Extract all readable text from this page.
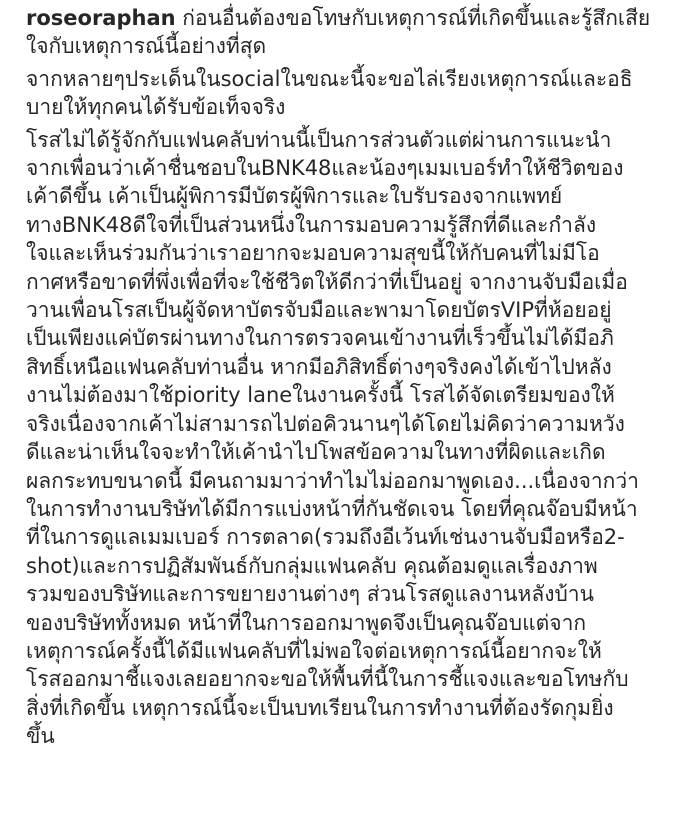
roseoraphan ก่อนอื่นต้องขอโทษกับเหตุการณ์ที่เกิดขึ้นและรู้สึกเสีย
ใจกับเหตุการณ์นี้อย่างที่สุด
จากหลายๆประเด็นในsocialในขณะนี้จะขอไล่เรียงเหตุการณ์และอธิ
บายให้ทุกคนได้รับข้อเท็จจริง
โรสไม่ได้รู้จักกับแฟนคลับท่านนี้เป็นการส่วนตัวแต่ผ่านการแนะนำ
จากเพื่อนว่าเค้าชื่นชอบในBNK48และน้องๆเมมเบอร์ทำให้ชีวิตของ
เค้าดีขึ้น เค้าเป็นผู้พิการมีบัตรผู้พิการและใบรับรองจากแพทย์
ทางBNK48ดีใจที่เป็นส่วนหนึ่งในการมอบความรู้สึกที่ดีและกำลัง
ใจและเห็นร่วมกันว่าเราอยากจะมอบความสุขนี้ให้กับคนที่ไม่มีโอ
กาศหรือขาดที่พึ่งเพื่อที่จะใช้ชีวิตให้ดีกว่าที่เป็นอยู่ จากงานจับมือเมื่อ
วานเพื่อนโรสเป็นผู้จัดหาบัตรจับมือและพามาโดยบัตรVIPที่ห้อยอยู่
เป็นเพียงแค่บัตรผ่านทางในการตรวจคนเข้างานที่เร็วขึ้นไม่ได้มีอภิ
สิทธิ์เหนือแฟนคลับท่านอื่น หากมีอภิสิทธิ์ต่างๆจริงคงได้เข้าไปหลัง
งานไม่ต้องมาใช้piority laneในงานครั้งนี้ โรสได้จัดเตรียมของให้
จริงเนื่องจากเค้าไม่สามารถไปต่อคิวนานๆได้โดยไม่คิดว่าความหวัง
ดีและน่าเห็นใจจะทำให้เค้านำไปโพสข้อความในทางที่ผิดและเกิด
ผลกระทบขนาดนี้ มีคนถามมาว่าทำไมไม่ออกมาพูดเอง...เนื่องจากว่า
ในการทำงานบริษัทได้มีการแบ่งหน้าที่กันชัดเจน โดยที่คุณจ๊อบมีหน้า
ที่ในการดูแลเมมเบอร์ การตลาด(รวมถึงอีเว้นท์เช่นงานจับมือหรือ2-
shot)และการปฏิสัมพันธ์กับกลุ่มแฟนคลับ คุณต้อมดูแลเรื่องภาพ
รวมของบริษัทและการขยายงานต่างๆ ส่วนโรสดูแลงานหลังบ้าน
ของบริษัททั้งหมด หน้าที่ในการออกมาพูดจึงเป็นคุณจ๊อบแต่จาก
เหตุการณ์ครั้งนี้ได้มีแฟนคลับที่ไม่พอใจต่อเหตุการณ์นี้อยากจะให้
โรสออกมาชี้แจงเลยอยากจะขอให้พื้นที่นี้ในการชี้แจงและขอโทษกับ
สิ่งที่เกิดขึ้น เหตุการณ์นี้จะเป็นบทเรียนในการทำงานที่ต้องรัดกุมยิ่ง
ขึ้น
